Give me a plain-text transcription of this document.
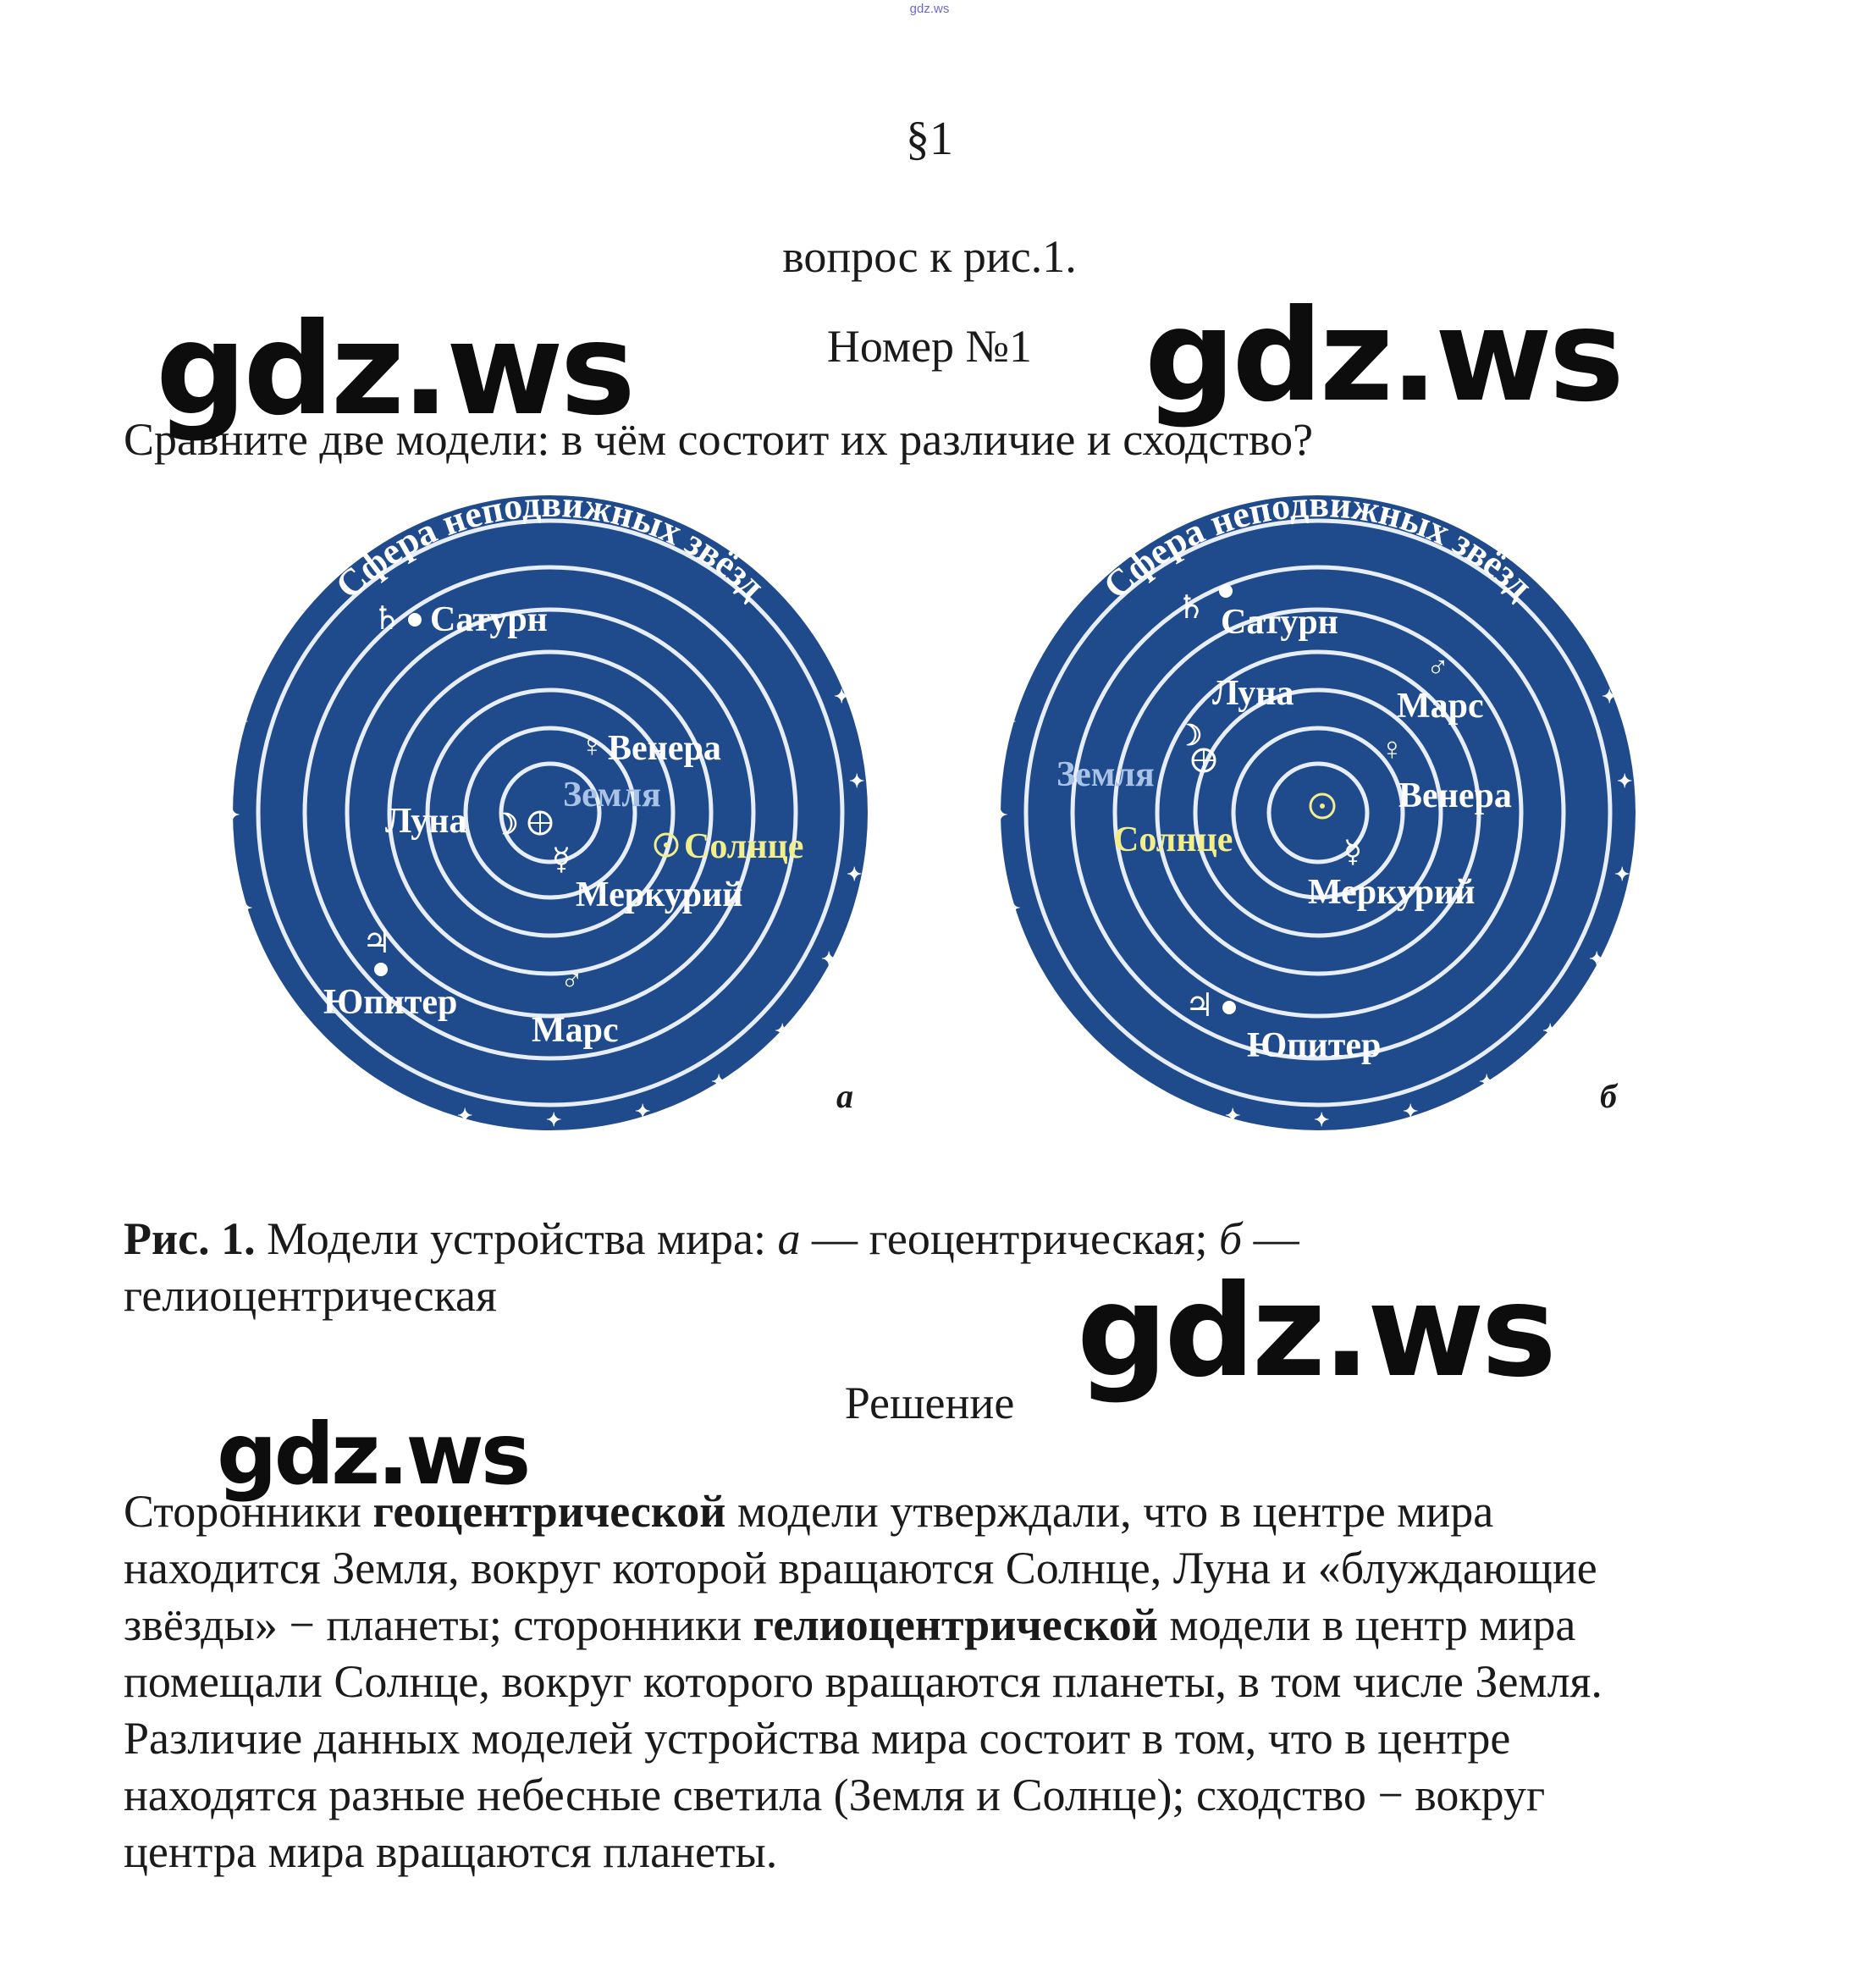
gdz.ws
§1
вопрос к рис.1.
Номер №1
Сравните две модели: в чём состоит их различие и сходство?
✦
✦
✦
✦
✦
✦	✦	✦
✦
✦
✦
✦
✦
✦
✦
Сфера неподвижных звёзд
♄ Сатурн
♀ Венера
Земля
Луна ☽
Солнце
☿
Меркурий
♃
Юпитер
♂
Марс
а
✦
✦
✦
✦
✦
✦	✦	✦
✦
✦
✦
✦
✦
✦
✦
Сфера неподвижных звёзд
♄ Сатурн
Луна
☽
♂
Марс
Земля
♀
Венера
Солнце	☿
Меркурий
♃
Юпитер
б
Рис. 1. Модели устройства мира: а — геоцентрическая; б —
гелиоцентрическая
Решение

Сторонники геоцентрической модели утверждали, что в центре мира

находится Земля, вокруг которой вращаются Солнце, Луна и «блуждающие

звёзды» − планеты; сторонники гелиоцентрической модели в центр мира

помещали Солнце, вокруг которого вращаются планеты, в том числе Земля.

Различие данных моделей устройства мира состоит в том, что в центре

находятся разные небесные светила (Земля и Солнце); сходство − вокруг

центра мира вращаются планеты.

gdz.ws	gdz.ws
gdz.ws
gdz.ws
